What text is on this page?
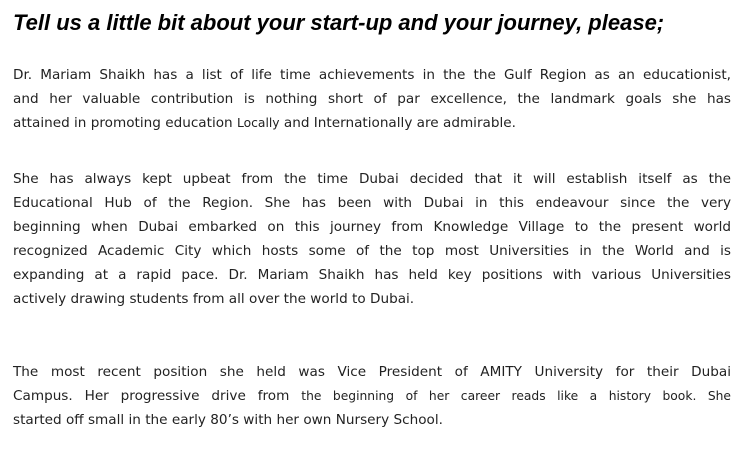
Tell us a little bit about your start-up and your journey, please;

Dr. Mariam Shaikh has a list of life time achievements in the the Gulf Region as an educationist,
and her valuable contribution is nothing short of par excellence, the landmark goals she has
attained in promoting education Locally and Internationally are admirable.

She has always kept upbeat from the time Dubai decided that it will establish itself as the
Educational Hub of the Region. She has been with Dubai in this endeavour since the very
beginning when Dubai embarked on this journey from Knowledge Village to the present world
recognized Academic City which hosts some of the top most Universities in the World and is
expanding at a rapid pace. Dr. Mariam Shaikh has held key positions with various Universities
actively drawing students from all over the world to Dubai.

The most recent position she held was Vice President of AMITY University for their Dubai
Campus. Her progressive drive from the beginning of her career reads like a history book. She
started off small in the early 80’s with her own Nursery School.
